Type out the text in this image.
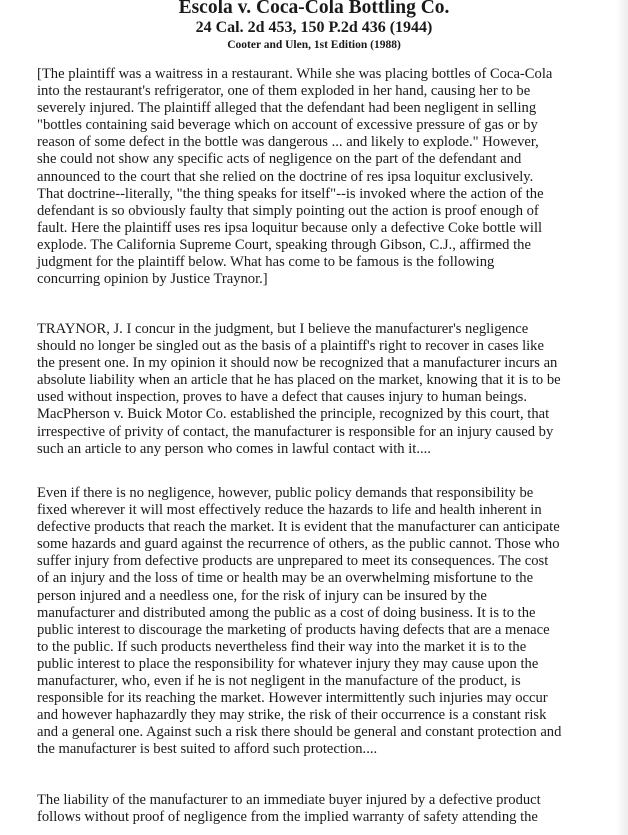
Escola v. Coca-Cola Bottling Co.
24 Cal. 2d 453, 150 P.2d 436 (1944)
Cooter and Ulen, 1st Edition (1988)
[The plaintiff was a waitress in a restaurant. While she was placing bottles of Coca-Cola
into the restaurant's refrigerator, one of them exploded in her hand, causing her to be
severely injured. The plaintiff alleged that the defendant had been negligent in selling
"bottles containing said beverage which on account of excessive pressure of gas or by
reason of some defect in the bottle was dangerous ... and likely to explode." However,
she could not show any specific acts of negligence on the part of the defendant and
announced to the court that she relied on the doctrine of res ipsa loquitur exclusively.
That doctrine--literally, "the thing speaks for itself"--is invoked where the action of the
defendant is so obviously faulty that simply pointing out the action is proof enough of
fault. Here the plaintiff uses res ipsa loquitur because only a defective Coke bottle will
explode. The California Supreme Court, speaking through Gibson, C.J., affirmed the
judgment for the plaintiff below. What has come to be famous is the following
concurring opinion by Justice Traynor.]
TRAYNOR, J. I concur in the judgment, but I believe the manufacturer's negligence
should no longer be singled out as the basis of a plaintiff's right to recover in cases like
the present one. In my opinion it should now be recognized that a manufacturer incurs an
absolute liability when an article that he has placed on the market, knowing that it is to be
used without inspection, proves to have a defect that causes injury to human beings.
MacPherson v. Buick Motor Co. established the principle, recognized by this court, that
irrespective of privity of contact, the manufacturer is responsible for an injury caused by
such an article to any person who comes in lawful contact with it....
Even if there is no negligence, however, public policy demands that responsibility be
fixed wherever it will most effectively reduce the hazards to life and health inherent in
defective products that reach the market. It is evident that the manufacturer can anticipate
some hazards and guard against the recurrence of others, as the public cannot. Those who
suffer injury from defective products are unprepared to meet its consequences. The cost
of an injury and the loss of time or health may be an overwhelming misfortune to the
person injured and a needless one, for the risk of injury can be insured by the
manufacturer and distributed among the public as a cost of doing business. It is to the
public interest to discourage the marketing of products having defects that are a menace
to the public. If such products nevertheless find their way into the market it is to the
public interest to place the responsibility for whatever injury they may cause upon the
manufacturer, who, even if he is not negligent in the manufacture of the product, is
responsible for its reaching the market. However intermittently such injuries may occur
and however haphazardly they may strike, the risk of their occurrence is a constant risk
and a general one. Against such a risk there should be general and constant protection and
the manufacturer is best suited to afford such protection....
The liability of the manufacturer to an immediate buyer injured by a defective product
follows without proof of negligence from the implied warranty of safety attending the
